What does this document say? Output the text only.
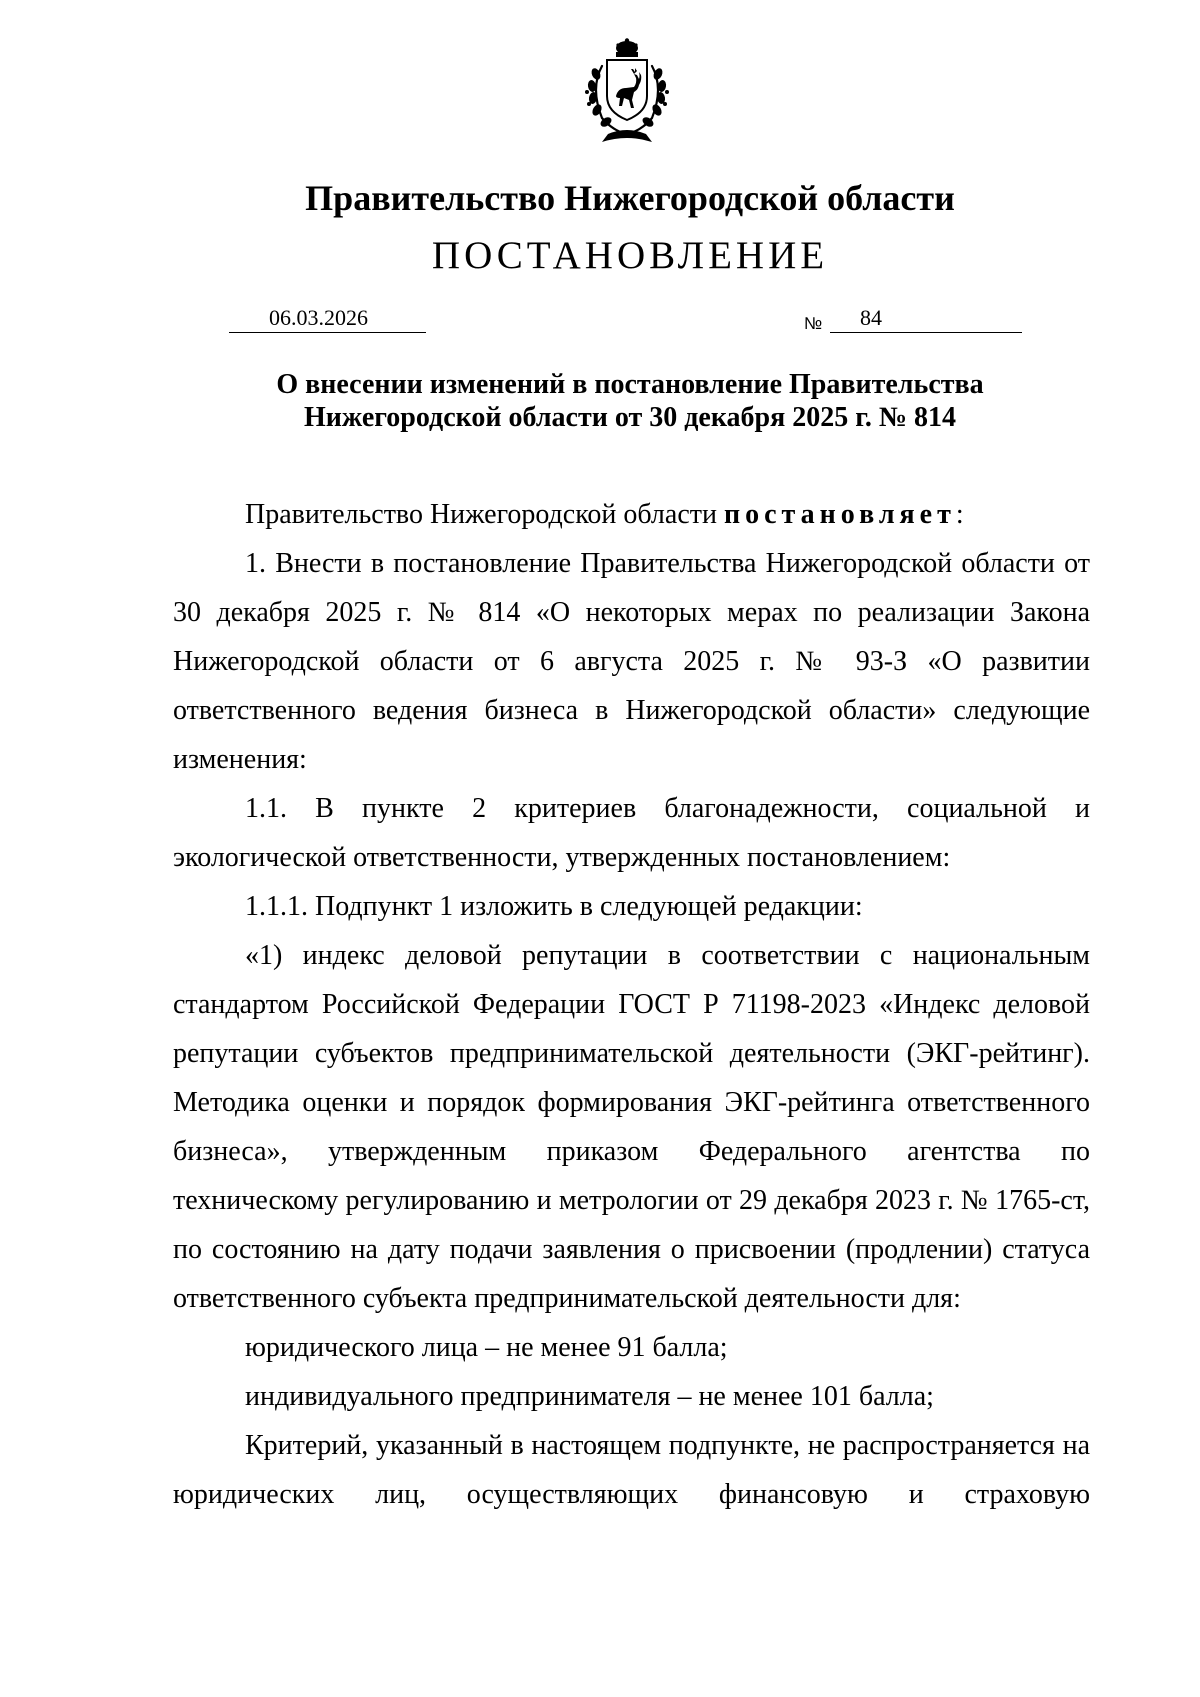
Правительство Нижегородской области
ПОСТАНОВЛЕНИЕ
06.03.2026	№ 84
О внесении изменений в постановление Правительства
Нижегородской области от 30 декабря 2025 г. № 814

Правительство Нижегородской области постановляет:

1. Внести в постановление Правительства Нижегородской области от 30 декабря 2025 г. № 814 «О некоторых мерах по реализации Закона Нижегородской области от 6 августа 2025 г. № 93-З «О развитии ответственного ведения бизнеса в Нижегородской области» следующие изменения:

1.1. В пункте 2 критериев благонадежности, социальной и экологической ответственности, утвержденных постановлением:

1.1.1. Подпункт 1 изложить в следующей редакции:

«1) индекс деловой репутации в соответствии с национальным стандартом Российской Федерации ГОСТ Р 71198-2023 «Индекс деловой репутации субъектов предпринимательской деятельности (ЭКГ-рейтинг). Методика оценки и порядок формирования ЭКГ-рейтинга ответственного бизнеса», утвержденным приказом Федерального агентства по техническому регулированию и метрологии от 29 декабря 2023 г. № 1765-ст, по состоянию на дату подачи заявления о присвоении (продлении) статуса ответственного субъекта предпринимательской деятельности для:

юридического лица – не менее 91 балла;

индивидуального предпринимателя – не менее 101 балла;

Критерий, указанный в настоящем подпункте, не распространяется на юридических лиц, осуществляющих финансовую и страховую
